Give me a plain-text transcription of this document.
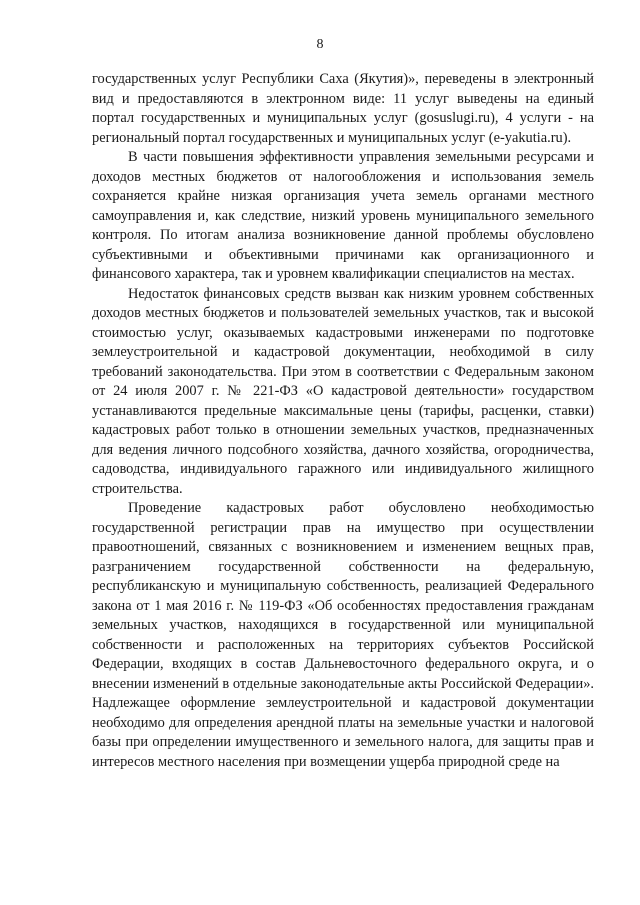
8

государственных услуг Республики Саха (Якутия)», переведены в электронный вид и предоставляются в электронном виде: 11 услуг выведены на единый портал государственных и муниципальных услуг (gosuslugi.ru), 4 услуги - на региональный портал государственных и муниципальных услуг (e-yakutia.ru).

В части повышения эффективности управления земельными ресурсами и доходов местных бюджетов от налогообложения и использования земель сохраняется крайне низкая организация учета земель органами местного самоуправления и, как следствие, низкий уровень муниципального земельного контроля. По итогам анализа возникновение данной проблемы обусловлено субъективными и объективными причинами как организационного и финансового характера, так и уровнем квалификации специалистов на местах.

Недостаток финансовых средств вызван как низким уровнем собственных доходов местных бюджетов и пользователей земельных участков, так и высокой стоимостью услуг, оказываемых кадастровыми инженерами по подготовке землеустроительной и кадастровой документации, необходимой в силу требований законодательства. При этом в соответствии с Федеральным законом от 24 июля 2007 г. № 221-ФЗ «О кадастровой деятельности» государством устанавливаются предельные максимальные цены (тарифы, расценки, ставки) кадастровых работ только в отношении земельных участков, предназначенных для ведения личного подсобного хозяйства, дачного хозяйства, огородничества, садоводства, индивидуального гаражного или индивидуального жилищного строительства.

Проведение кадастровых работ обусловлено необходимостью государственной регистрации прав на имущество при осуществлении правоотношений, связанных с возникновением и изменением вещных прав, разграничением государственной собственности на федеральную, республиканскую и муниципальную собственность, реализацией Федерального закона от 1 мая 2016 г. № 119-ФЗ «Об особенностях предоставления гражданам земельных участков, находящихся в государственной или муниципальной собственности и расположенных на территориях субъектов Российской Федерации, входящих в состав Дальневосточного федерального округа, и о внесении изменений в отдельные законодательные акты Российской Федерации». Надлежащее оформление землеустроительной и кадастровой документации необходимо для определения арендной платы на земельные участки и налоговой базы при определении имущественного и земельного налога, для защиты прав и интересов местного населения при возмещении ущерба природной среде на
